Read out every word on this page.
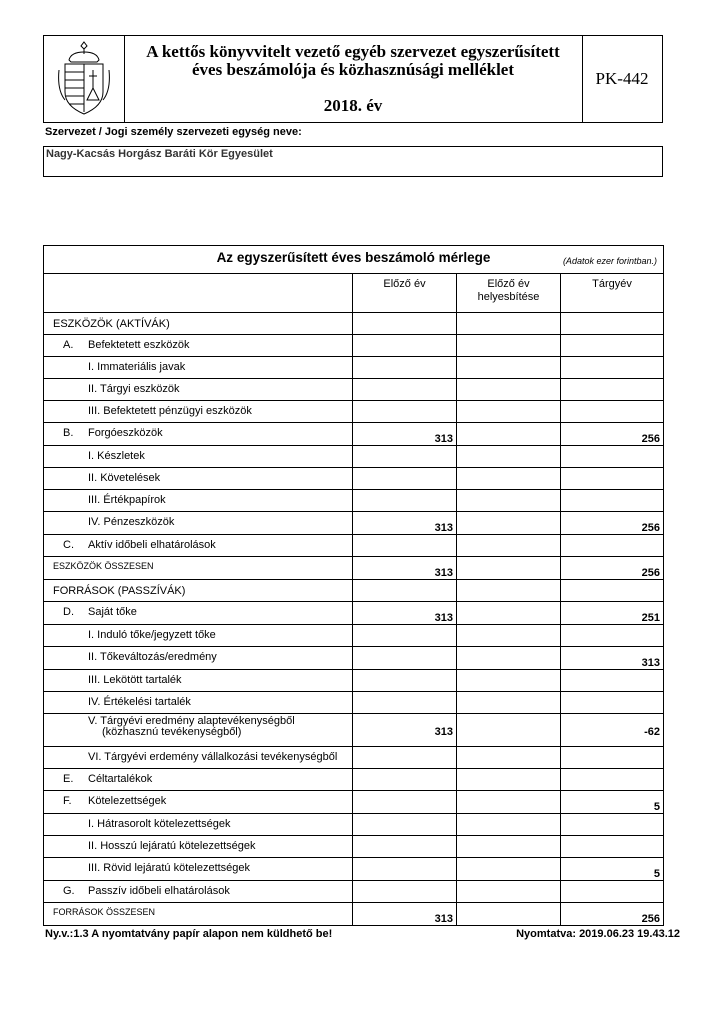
A kettős könyvvitelt vezető egyéb szervezet egyszerűsített
éves beszámolója és közhasznúsági melléklet
2018. év
PK-442
Szervezet / Jogi személy szervezeti egység neve:
Nagy-Kacsás Horgász Baráti Kör Egyesület
Az egyszerűsített éves beszámoló mérlege (Adatok ezer forintban.)			

	Előző év	Előző év helyesbítése	Tárgyév

ESZKÖZÖK (AKTÍVÁK)			

A. Befektetett eszközök			

I. Immateriális javak			

II. Tárgyi eszközök			

III. Befektetett pénzügyi eszközök			

B. Forgóeszközök	313		256

I. Készletek			

II. Követelések			

III. Értékpapírok			

IV. Pénzeszközök	313		256

C. Aktív időbeli elhatárolások			

ESZKÖZÖK ÖSSZESEN	313		256

FORRÁSOK (PASSZÍVÁK)			

D. Saját tőke	313		251

I. Induló tőke/jegyzett tőke			

II. Tőkeváltozás/eredmény			313

III. Lekötött tartalék			

IV. Értékelési tartalék			

V. Tárgyévi eredmény alaptevékenységből
(közhasznú tevékenységből)	313		-62

VI. Tárgyévi erdemény vállalkozási tevékenységből			

E. Céltartalékok			

F. Kötelezettségek			5

I. Hátrasorolt kötelezettségek			

II. Hosszú lejáratú kötelezettségek			

III. Rövid lejáratú kötelezettségek			5

G. Passzív időbeli elhatárolások			

FORRÁSOK ÖSSZESEN	313		256
Ny.v.:1.3 A nyomtatvány papír alapon nem küldhető be!	Nyomtatva: 2019.06.23 19.43.12
